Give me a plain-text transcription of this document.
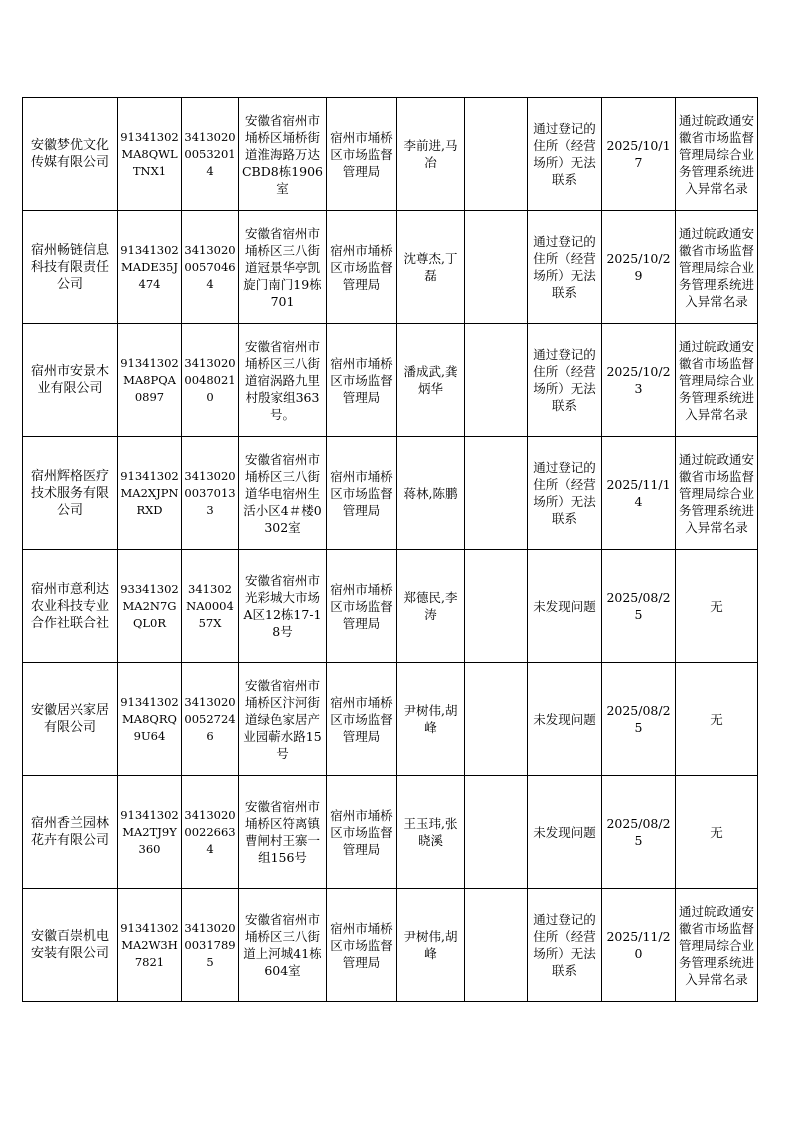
安徽梦优文化传媒有限公司	91341302MA8QWLTNX1	341302000532014	安徽省宿州市埇桥区埇桥街道淮海路万达CBD8栋1906室	宿州市埇桥区市场监督管理局	李前进,马冶		通过登记的住所（经营场所）无法联系	2025/10/17	通过皖政通安徽省市场监督管理局综合业务管理系统进入异常名录
宿州畅链信息科技有限责任公司	91341302MADE35J474	341302000570464	安徽省宿州市埇桥区三八街道冠景华亭凯旋门南门19栋701	宿州市埇桥区市场监督管理局	沈尊杰,丁磊		通过登记的住所（经营场所）无法联系	2025/10/29	通过皖政通安徽省市场监督管理局综合业务管理系统进入异常名录
宿州市安景木业有限公司	91341302MA8PQA0897	341302000480210	安徽省宿州市埇桥区三八街道宿涡路九里村殷家组363号。	宿州市埇桥区市场监督管理局	潘成武,龚炳华		通过登记的住所（经营场所）无法联系	2025/10/23	通过皖政通安徽省市场监督管理局综合业务管理系统进入异常名录
宿州辉格医疗技术服务有限公司	91341302MA2XJPNRXD	341302000370133	安徽省宿州市埇桥区三八街道华电宿州生活小区4＃楼0302室	宿州市埇桥区市场监督管理局	蒋林,陈鹏		通过登记的住所（经营场所）无法联系	2025/11/14	通过皖政通安徽省市场监督管理局综合业务管理系统进入异常名录
宿州市意利达农业科技专业合作社联合社	93341302MA2N7GQL0R	341302NA000457X	安徽省宿州市光彩城大市场A区12栋17-18号	宿州市埇桥区市场监督管理局	郑德民,李涛		未发现问题	2025/08/25	无
安徽居兴家居有限公司	91341302MA8QRQ9U64	341302000527246	安徽省宿州市埇桥区汴河街道绿色家居产业园蕲水路15号	宿州市埇桥区市场监督管理局	尹树伟,胡峰		未发现问题	2025/08/25	无
宿州香兰园林花卉有限公司	91341302MA2TJ9Y360	341302000226634	安徽省宿州市埇桥区符离镇曹闸村王寨一组156号	宿州市埇桥区市场监督管理局	王玉玮,张晓溪		未发现问题	2025/08/25	无
安徽百崇机电安装有限公司	91341302MA2W3H7821	341302000317895	安徽省宿州市埇桥区三八街道上河城41栋604室	宿州市埇桥区市场监督管理局	尹树伟,胡峰		通过登记的住所（经营场所）无法联系	2025/11/20	通过皖政通安徽省市场监督管理局综合业务管理系统进入异常名录
